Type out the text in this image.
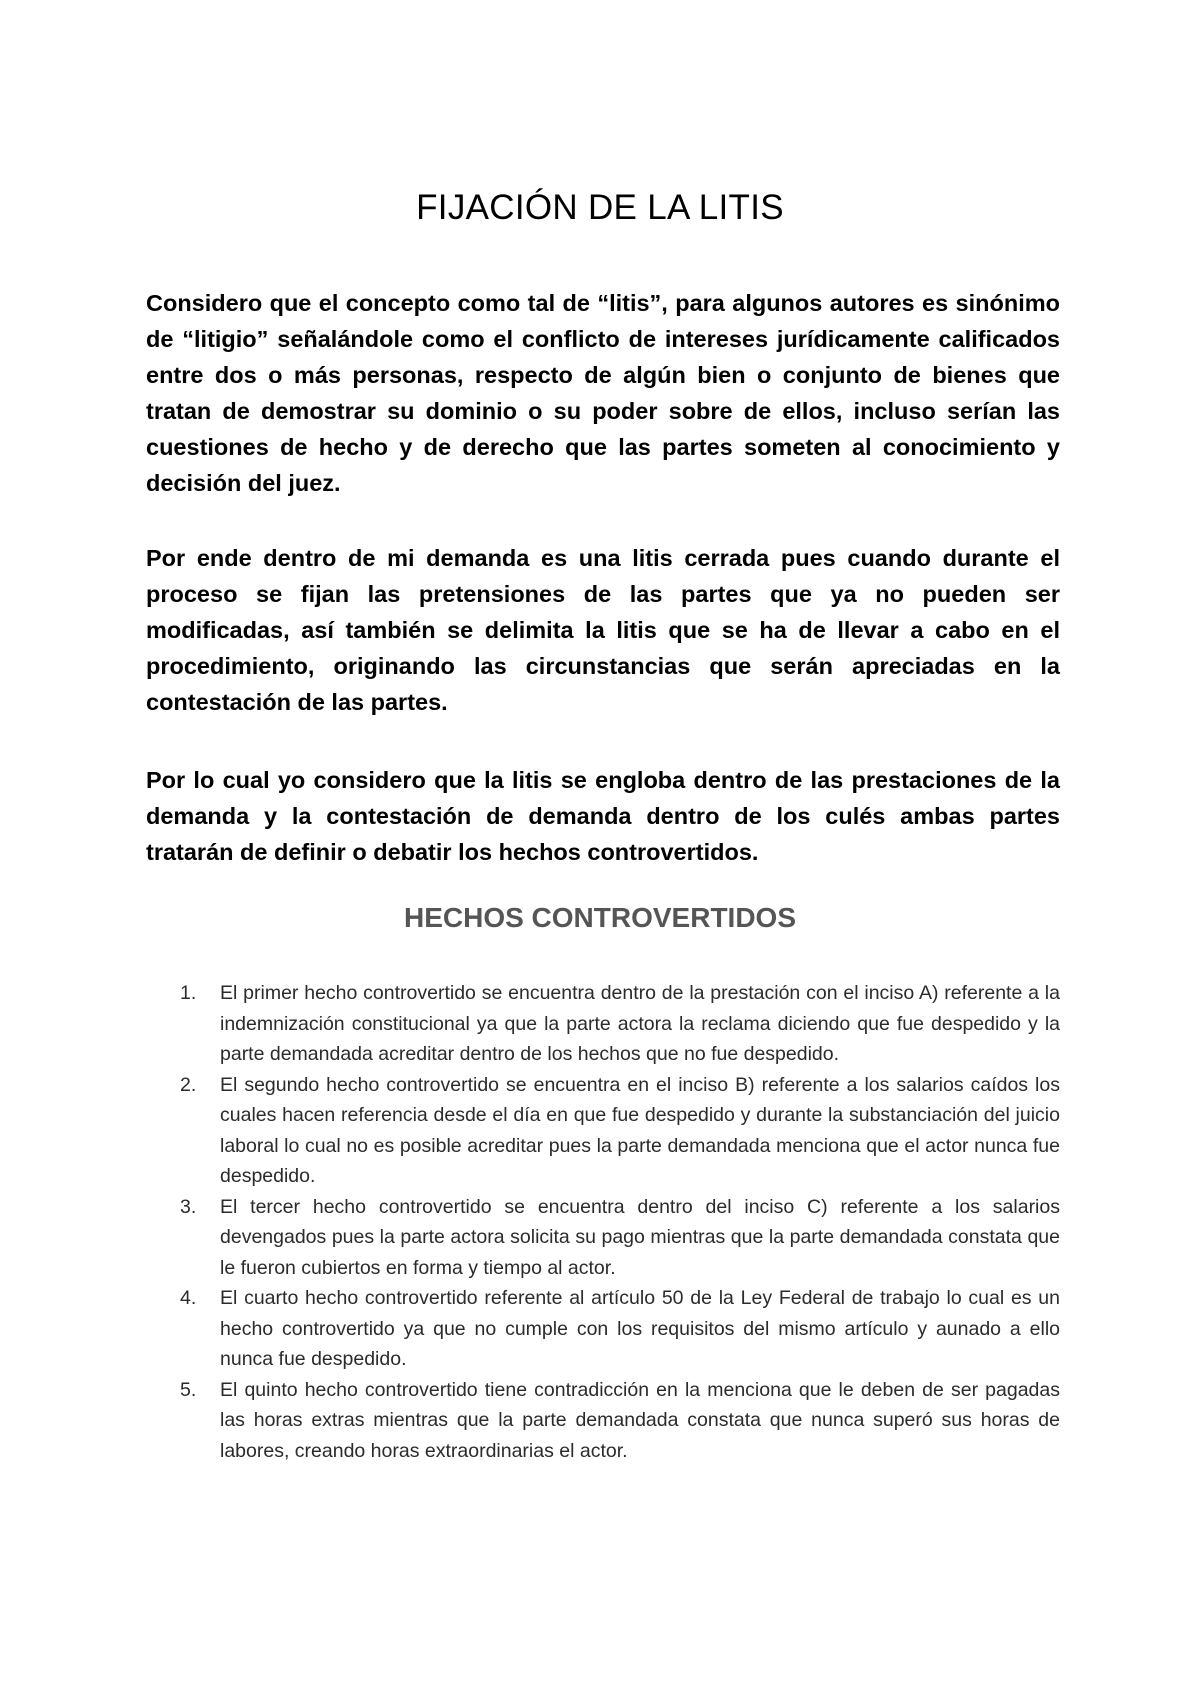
FIJACIÓN DE LA LITIS

Considero que el concepto como tal de “litis”, para algunos autores es sinónimo de “litigio” señalándole como el conflicto de intereses jurídicamente calificados entre dos o más personas, respecto de algún bien o conjunto de bienes que tratan de demostrar su dominio o su poder sobre de ellos, incluso serían las cuestiones de hecho y de derecho que las partes someten al conocimiento y decisión del juez.

Por ende dentro de mi demanda es una litis cerrada pues cuando durante el proceso se fijan las pretensiones de las partes que ya no pueden ser modificadas, así también se delimita la litis que se ha de llevar a cabo en el procedimiento, originando las circunstancias que serán apreciadas en la contestación de las partes.

Por lo cual yo considero que la litis se engloba dentro de las prestaciones de la demanda y la contestación de demanda dentro de los culés ambas partes tratarán de definir o debatir los hechos controvertidos.

HECHOS CONTROVERTIDOS
1. El primer hecho controvertido se encuentra dentro de la prestación con el inciso A) referente a la indemnización constitucional ya que la parte actora la reclama diciendo que fue despedido y la parte demandada acreditar dentro de los hechos que no fue despedido.
2. El segundo hecho controvertido se encuentra en el inciso B) referente a los salarios caídos los cuales hacen referencia desde el día en que fue despedido y durante la substanciación del juicio laboral lo cual no es posible acreditar pues la parte demandada menciona que el actor nunca fue despedido.
3. El tercer hecho controvertido se encuentra dentro del inciso C) referente a los salarios devengados pues la parte actora solicita su pago mientras que la parte demandada constata que le fueron cubiertos en forma y tiempo al actor.
4. El cuarto hecho controvertido referente al artículo 50 de la Ley Federal de trabajo lo cual es un hecho controvertido ya que no cumple con los requisitos del mismo artículo y aunado a ello nunca fue despedido.
5. El quinto hecho controvertido tiene contradicción en la menciona que le deben de ser pagadas las horas extras mientras que la parte demandada constata que nunca superó sus horas de labores, creando horas extraordinarias el actor.
